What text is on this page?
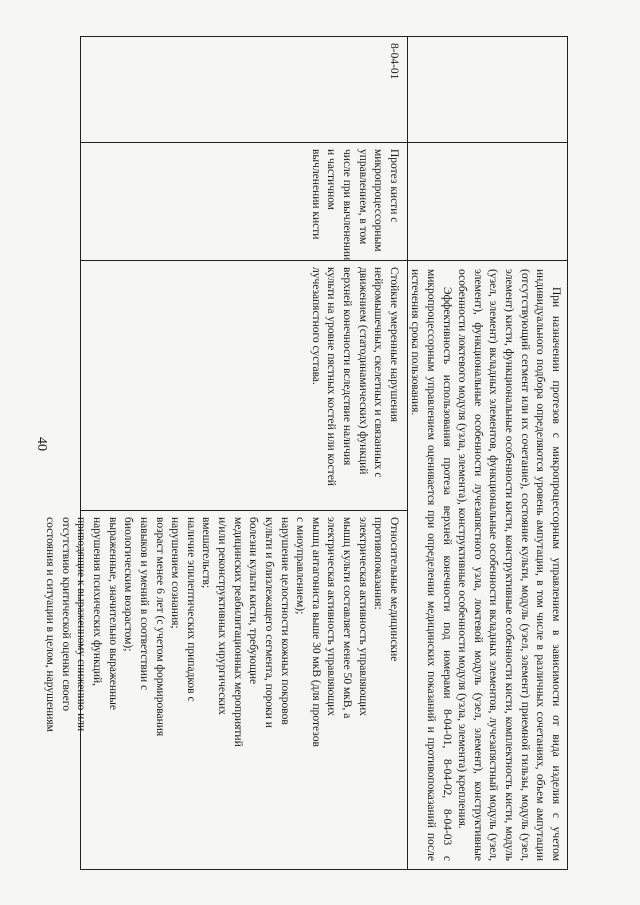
40	При назначении протезов с микропроцессорным управлением в зависимости от вида изделия с учетом индивидуального подбора определяются уровень ампутации, в том числе в различных сочетаниях, объем ампутации (отсутствующий сегмент или их сочетание), состояние культи, модуль (узел, элемент) приемной гильзы, модуль (узел, элемент) кисти, функциональные особенности кисти, конструктивные особенности кисти, комплектность кисти, модуль (узел, элемент) вкладных элементов, функциональные особенности вкладных элементов, лучезапястный модуль (узел, элемент), функциональные особенности лучезапястного узла, локтевой модуль (узел, элемент), конструктивные особенности локтевого модуля (узла, элемента), конструктивные особенности модуля (узла, элемента) крепления.

Эффективность использования протеза верхней конечности под номерами 8-04-01, 8-04-02, 8-04-03 с микропроцессорным управлением оценивается при определении медицинских показаний и противопоказаний после истечения срока пользования.

8-04-01
Протез кисти с
микропроцессорным
управлением, в том
числе при вычленении
и частичном
вычленении кисти
Стойкие умеренные нарушения
нейромышечных, скелетных и связанных с
движением (статодинамических) функций
верхней конечности вследствие наличия
культи на уровне пястных костей или костей
лучезапястного сустава.
Относительные медицинские
противопоказания:
электрическая активность управляющих
мышц культи составляет менее 50 мкВ, а
электрическая активность управляющих
мышц антагониста выше 30 мкВ (для протезов
с миоуправлением);
нарушение целостности кожных покровов
культи и близлежащего сегмента, пороки и
болезни культи кисти, требующие
медицинских реабилитационных мероприятий
и/или реконструктивных хирургических
вмешательств;
наличие эпилептических припадков с
нарушением сознания;
возраст менее 6 лет (с учетом формирования
навыков и умений в соответствии с
биологическим возрастом);
выраженные, значительно выраженные
нарушения психических функций,
приводящие к выраженному снижению или
отсутствию критической оценки своего
состояния и ситуации в целом, нарушениям
